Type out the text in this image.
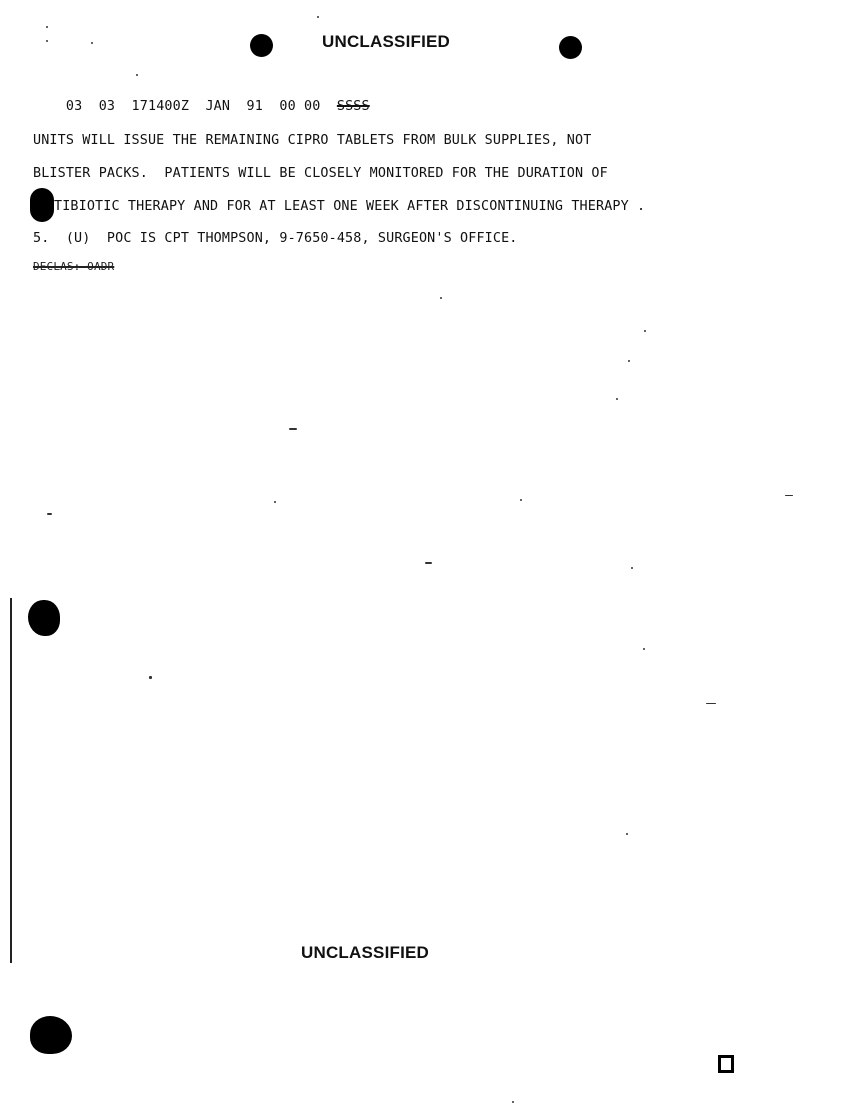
UNCLASSIFIED

03  03  171400Z  JAN  91  00 00  SSSS

UNITS WILL ISSUE THE REMAINING CIPRO TABLETS FROM BULK SUPPLIES, NOT
BLISTER PACKS.  PATIENTS WILL BE CLOSELY MONITORED FOR THE DURATION OF
TIBIOTIC THERAPY AND FOR AT LEAST ONE WEEK AFTER DISCONTINUING THERAPY .
5.  (U)  POC IS CPT THOMPSON, 9-7650-458, SURGEON'S OFFICE.
DECLAS: OADR
UNCLASSIFIED
